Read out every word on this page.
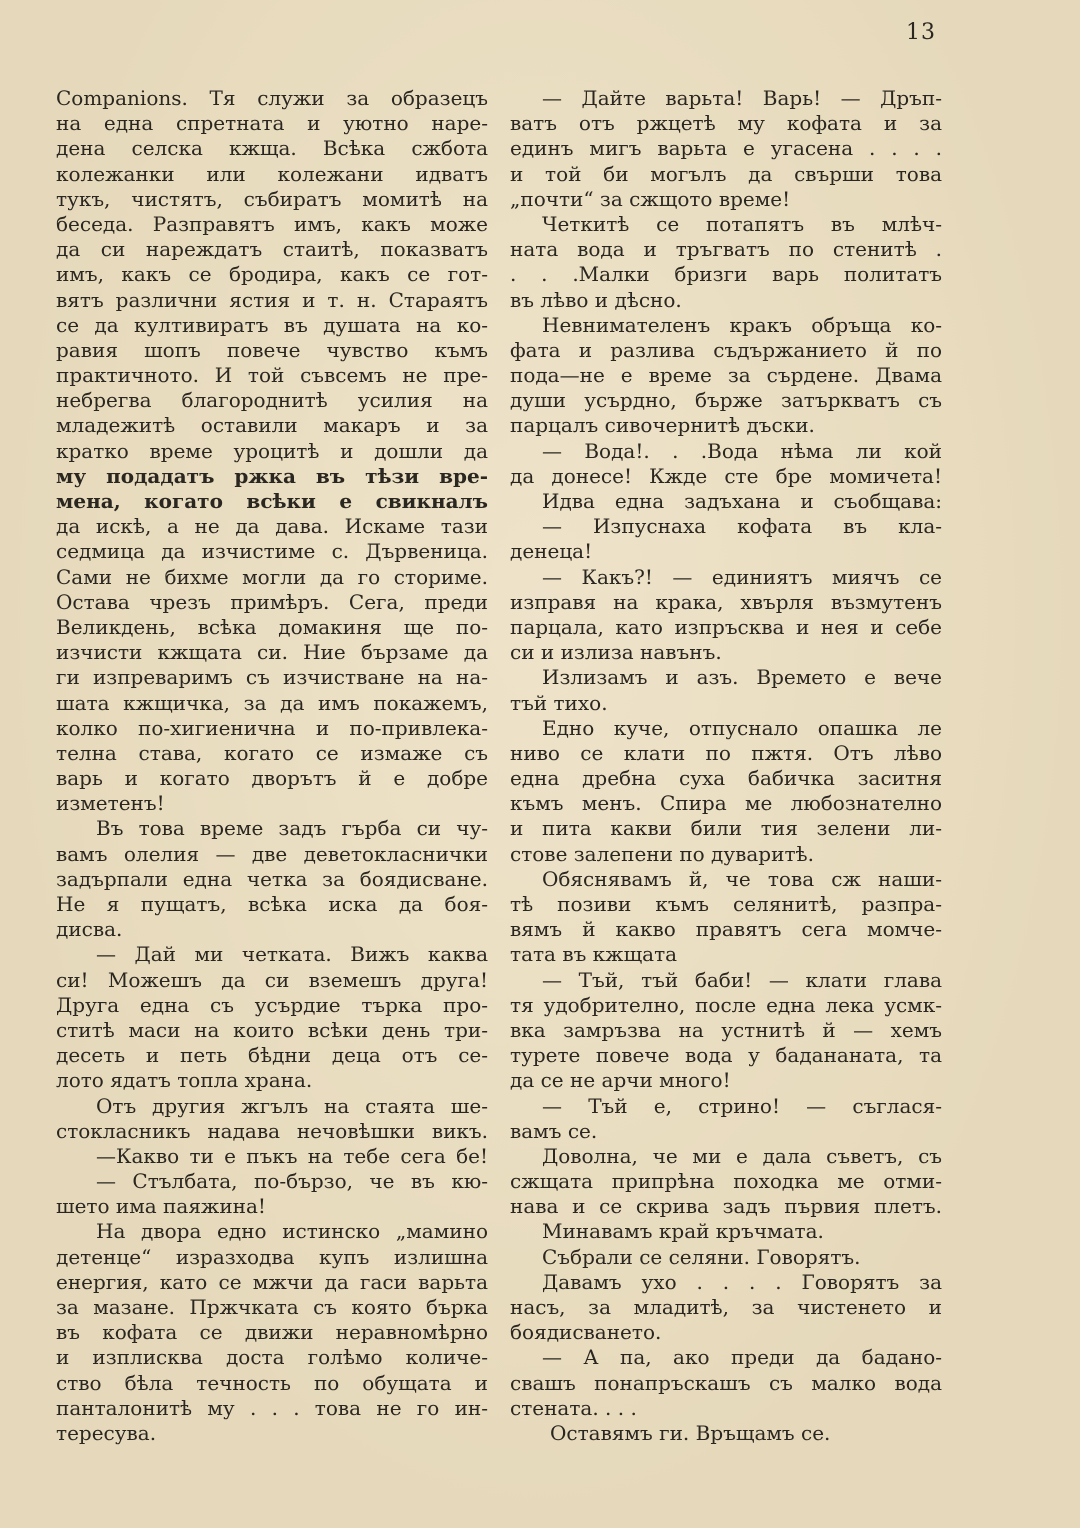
13
Companions. Тя служи за образецъ
на една спретната и уютно наре-
дена селска кжща. Всѣка сжбота
колежанки или колежани идватъ
тукъ, чистятъ, събиратъ момитѣ на
беседа. Разправятъ имъ, какъ може
да си нареждатъ стаитѣ, показватъ
имъ, какъ се бродира, какъ се гот-
вятъ различни ястия и т. н. Стараятъ
се да култивиратъ въ душата на ко-
равия шопъ повече чувство къмъ
практичното. И той съвсемъ не пре-
небрегва благороднитѣ усилия на
младежитѣ оставили макаръ и за
кратко време уроцитѣ и дошли да
му подадатъ ржка въ тѣзи вре-
мена, когато всѣки е свикналъ
да искѣ, а не да дава. Искаме тази
седмица да изчистиме с. Дървеница.
Сами не бихме могли да го сториме.
Остава чрезъ примѣръ. Сега, преди
Великдень, всѣка домакиня ще по-
изчисти кжщата си. Ние бързаме да
ги изпреваримъ съ изчистване на на-
шата кжщичка, за да имъ покажемъ,
колко по-хигиенична и по-привлека-
телна става, когато се измаже съ
варь и когато дворътъ й е добре
изметенъ!
Въ това време задъ гърба си чу-
вамъ олелия — две деветокласнички
задърпали една четка за боядисване.
Не я пущатъ, всѣка иска да боя-
дисва.
— Дай ми четката. Вижъ каква
си! Можешъ да си вземешъ друга!
Друга една съ усърдие търка про-
ститѣ маси на които всѣки день три-
десеть и петь бѣдни деца отъ се-
лото ядатъ топла храна.
Отъ другия жгълъ на стаята ше-
стокласникъ надава нечовѣшки викъ.
—Какво ти е пъкъ на тебе сега бе!
— Стълбата, по-бързо, че въ кю-
шето има паяжина!
На двора едно истинско „мамино
детенце“ изразходва купъ излишна
енергия, като се мжчи да гаси варьта
за мазане. Пржчката съ която бърка
въ кофата се движи неравномѣрно
и изплисква доста голѣмо количе-
ство бѣла течность по обущата и
панталонитѣ му . . . това не го ин-
тересува.
— Дайте варьта! Варь! — Дръп-
ватъ отъ ржцетѣ му кофата и за
единъ мигъ варьта е угасена . . . .
и той би могълъ да свърши това
„почти“ за сжщото време!
Четкитѣ се потапятъ въ млѣч-
ната вода и тръгватъ по стенитѣ .
. . .Малки бризги варь политатъ
въ лѣво и дѣсно.
Невнимателенъ кракъ обръща ко-
фата и разлива съдържанието й по
пода—не е време за сърдене. Двама
души усърдно, бърже затъркватъ съ
парцалъ сивочернитѣ дъски.
— Вода!. . .Вода нѣма ли кой
да донесе! Кжде сте бре момичета!
Идва една задъхана и съобщава:
— Изпуснаха кофата въ кла-
денеца!
— Какъ?! — единиятъ миячъ се
изправя на крака, хвърля възмутенъ
парцала, като изпръсква и нея и себе
си и излиза навънъ.
Излизамъ и азъ. Времето е вече
тъй тихо.
Едно куче, отпуснало опашка ле
ниво се клати по пжтя. Отъ лѣво
една дребна суха бабичка заситня
къмъ менъ. Спира ме любознателно
и пита какви били тия зелени ли-
стове залепени по дуваритѣ.
Обяснявамъ й, че това сж наши-
тѣ позиви къмъ селянитѣ, разпра-
вямъ й какво правятъ сега момче-
тата въ кжщата
— Тъй, тъй баби! — клати глава
тя удобрително, после една лека усмк-
вка замръзва на устнитѣ й — хемъ
турете повече вода у бадананата, та
да се не арчи много!
— Тъй е, стрино! — съглася-
вамъ се.
Доволна, че ми е дала съветъ, съ
сжщата припрѣна походка ме отми-
нава и се скрива задъ първия плетъ.
Минавамъ край кръчмата.
Събрали се селяни. Говорятъ.
Давамъ ухо . . . . Говорятъ за
насъ, за младитѣ, за чистенето и
боядисването.
— А па, ако преди да бадано-
свашъ понапръскашъ съ малко вода
стената. . . .
Оставямъ ги. Връщамъ се.
